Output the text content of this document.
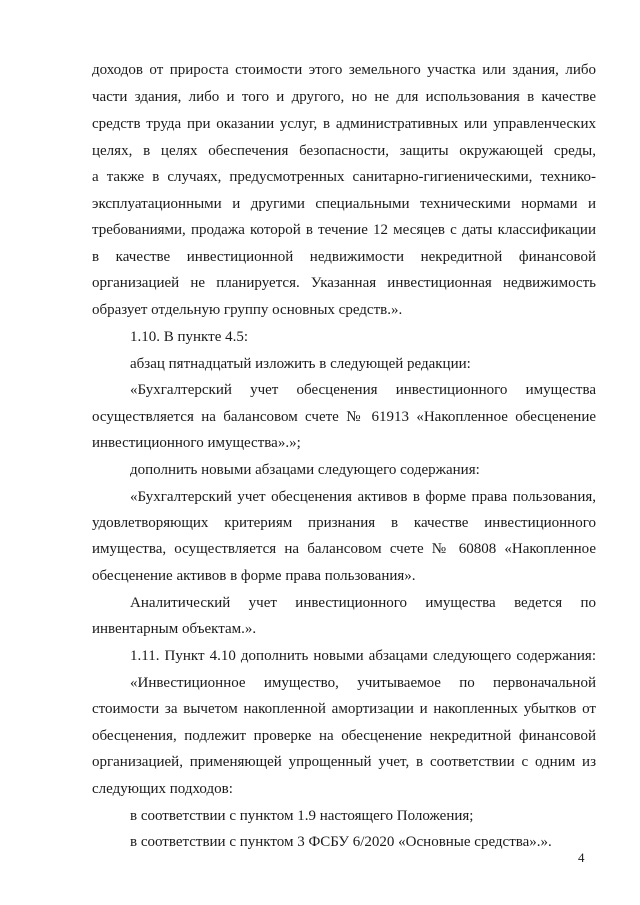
доходов от прироста стоимости этого земельного участка или здания, либо
части здания, либо и того и другого, но не для использования в качестве
средств труда при оказании услуг, в административных или управленческих
целях, в целях обеспечения безопасности, защиты окружающей среды,
а также в случаях, предусмотренных санитарно-гигиеническими, технико-
эксплуатационными и другими специальными техническими нормами и
требованиями, продажа которой в течение 12 месяцев с даты классификации
в качестве инвестиционной недвижимости некредитной финансовой
организацией не планируется. Указанная инвестиционная недвижимость
образует отдельную группу основных средств.».
1.10. В пункте 4.5:
абзац пятнадцатый изложить в следующей редакции:
«Бухгалтерский учет обесценения инвестиционного имущества
осуществляется на балансовом счете № 61913 «Накопленное обесценение
инвестиционного имущества».»;
дополнить новыми абзацами следующего содержания:
«Бухгалтерский учет обесценения активов в форме права пользования,
удовлетворяющих критериям признания в качестве инвестиционного
имущества, осуществляется на балансовом счете № 60808 «Накопленное
обесценение активов в форме права пользования».
Аналитический учет инвестиционного имущества ведется по
инвентарным объектам.».
1.11. Пункт 4.10 дополнить новыми абзацами следующего содержания:
«Инвестиционное имущество, учитываемое по первоначальной
стоимости за вычетом накопленной амортизации и накопленных убытков от
обесценения, подлежит проверке на обесценение некредитной финансовой
организацией, применяющей упрощенный учет, в соответствии с одним из
следующих подходов:
в соответствии с пунктом 1.9 настоящего Положения;
в соответствии с пунктом 3 ФСБУ 6/2020 «Основные средства».».
4
